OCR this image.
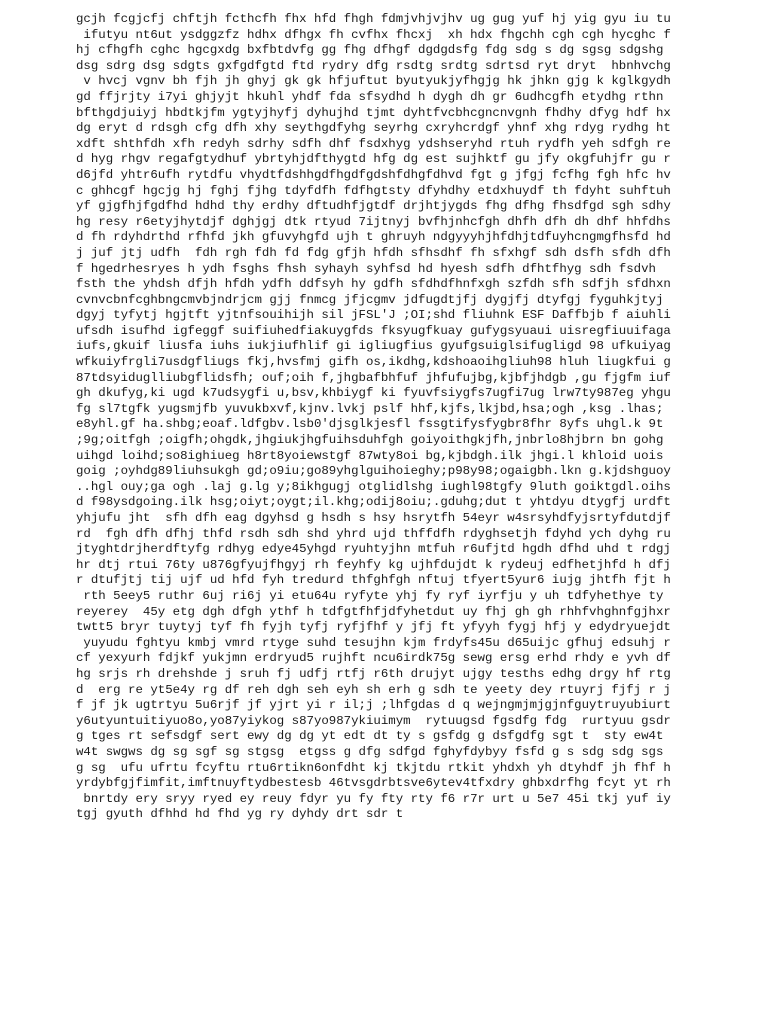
gcjh fcgjcfj chftjh fcthcfh fhx hfd fhgh fdmjvhjvjhv ug gug yuf hj yig gyu iu tu
ifutyu nt6ut ysdggzfz hdhx dfhgx fh cvfhx fhcxj  xh hdx fhgchh cgh cgh hycghc f
hj cfhgfh cghc hgcgxdg bxfbtdvfg gg fhg dfhgf dgdgdsfg fdg sdg s dg sgsg sdgshg
dsg sdrg dsg sdgts gxfgdfgtd ftd rydry dfg rsdtg srdtg sdrtsd ryt dryt  hbnhvchg
v hvcj vgnv bh fjh jh ghyj gk gk hfjuftut byutyukjyfhgjg hk jhkn gjg k kglkgydh
gd ffjrjty i7yi ghjyjt hkuhl yhdf fda sfsydhd h dygh dh gr 6udhcgfh etydhg rthn
bfthgdjuiyj hbdtkjfm ygtyjhyfj dyhujhd tjmt dyhtfvcbhcgncnvgnh fhdhy dfyg hdf hx
dg eryt d rdsgh cfg dfh xhy seythgdfyhg seyrhg cxryhcrdgf yhnf xhg rdyg rydhg ht
xdft shthfdh xfh redyh sdrhy sdfh dhf fsdxhyg ydshseryhd rtuh rydfh yeh sdfgh re
d hyg rhgv regafgtydhuf ybrtyhjdfthygtd hfg dg est sujhktf gu jfy okgfuhjfr gu r
d6jfd yhtr6ufh rytdfu vhydtfdshhgdfhgdfgdshfdhgfdhvd fgt g jfgj fcfhg fgh hfc hv
c ghhcgf hgcjg hj fghj fjhg tdyfdfh fdfhgtsty dfyhdhy etdxhuydf th fdyht suhftuh
yf gjgfhjfgdfhd hdhd thy erdhy dftudhfjgtdf drjhtjygds fhg dfhg fhsdfgd sgh sdhy
hg resy r6etyjhytdjf dghjgj dtk rtyud 7ijtnyj bvfhjnhcfgh dhfh dfh dh dhf hhfdhs
d fh rdyhdrthd rfhfd jkh gfuvyhgfd ujh t ghruyh ndgyyyhjhfdhjtdfuyhcngmgfhsfd hd
j juf jtj udfh  fdh rgh fdh fd fdg gfjh hfdh sfhsdhf fh sfxhgf sdh dsfh sfdh dfh
f hgedrhesryes h ydh fsghs fhsh syhayh syhfsd hd hyesh sdfh dfhtfhyg sdh fsdvh
fsth the yhdsh dfjh hfdh ydfh ddfsyh hy gdfh sfdhdfhnfxgh szfdh sfh sdfjh sfdhxn
cvnvcbnfcghbngcmvbjndrjcm gjj fnmcg jfjcgmv jdfugdtjfj dygjfj dtyfgj fyguhkjtyj
dgyj tyfytj hgjtft yjtnfsouihijh sil jFSL'J ;OI;shd fliuhnk ESF Daffbjb f aiuhli
ufsdh isufhd igfeggf suifiuhedfiakuygfds fksyugfkuay gufygsyuaui uisregfiuuifaga
iufs,gkuif liusfa iuhs iukjiufhlif gi igliugfius gyufgsuiglsifugligd 98 ufkuiyag
wfkuiyfrgli7usdgfliugs fkj,hvsfmj gifh os,ikdhg,kdshoaoihgliuh98 hluh liugkfui g
87tdsyiduglliubgflidsfh; ouf;oih f,jhgbafbhfuf jhfufujbg,kjbfjhdgb ,gu fjgfm iuf
gh dkufyg,ki ugd k7udsygfi u,bsv,khbiygf ki fyuvfsiygfs7ugfi7ug lrw7ty987eg yhgu
fg sl7tgfk yugsmjfb yuvukbxvf,kjnv.lvkj pslf hhf,kjfs,lkjbd,hsa;ogh ,ksg .lhas;
e8yhl.gf ha.shbg;eoaf.ldfgbv.lsb0'djsglkjesfl fssgtifysfygbr8fhr 8yfs uhgl.k 9t
;9g;oitfgh ;oigfh;ohgdk,jhgiukjhgfuihsduhfgh goiyoithgkjfh,jnbrlo8hjbrn bn gohg
uihgd loihd;so8ighiueg h8rt8yoiewstgf 87wty8oi bg,kjbdgh.ilk jhgi.l khloid uois
goig ;oyhdg89liuhsukgh gd;o9iu;go89yhglguihoieghy;p98y98;ogaigbh.lkn g.kjdshguoy
..hgl ouy;ga ogh .laj g.lg y;8ikhgugj otglidlshg iughl98tgfy 9luth goiktgdl.oihs
d f98ysdgoing.ilk hsg;oiyt;oygt;il.khg;odij8oiu;.gduhg;dut t yhtdyu dtygfj urdft
yhjufu jht  sfh dfh eag dgyhsd g hsdh s hsy hsrytfh 54eyr w4srsyhdfyjsrtyfdutdjf
rd  fgh dfh dfhj thfd rsdh sdh shd yhrd ujd thffdfh rdyghsetjh fdyhd ych dyhg ru
jtyghtdrjherdftyfg rdhyg edye45yhgd ryuhtyjhn mtfuh r6ufjtd hgdh dfhd uhd t rdgj
hr dtj rtui 76ty u876gfyujfhgyj rh feyhfy kg ujhfdujdt k rydeuj edfhetjhfd h dfj
r dtufjtj tij ujf ud hfd fyh tredurd thfghfgh nftuj tfyert5yur6 iujg jhtfh fjt h
rth 5eey5 ruthr 6uj ri6j yi etu64u ryfyte yhj fy ryf iyrfju y uh tdfyhethye ty
reyerey  45y etg dgh dfgh ythf h tdfgtfhfjdfyhetdut uy fhj gh gh rhhfvhghnfgjhxr
twtt5 bryr tuytyj tyf fh fyjh tyfj ryfjfhf y jfj ft yfyyh fygj hfj y edydryuejdt
yuyudu fghtyu kmbj vmrd rtyge suhd tesujhn kjm frdyfs45u d65uijc gfhuj edsuhj r
cf yexyurh fdjkf yukjmn erdryud5 rujhft ncu6irdk75g sewg ersg erhd rhdy e yvh df
hg srjs rh drehshde j sruh fj udfj rtfj r6th drujyt ujgy tesths edhg drgy hf rtg
d  erg re yt5e4y rg df reh dgh seh eyh sh erh g sdh te yeety dey rtuyrj fjfj r j
f jf jk ugtrtyu 5u6rjf jf yjrt yi r il;j ;lhfgdas d q wejngmjmjgjnfguytruyubiurt
y6utyuntuitiyuo8o,yo87yiykog s87yo987ykiuimym  rytuugsd fgsdfg fdg  rurtyuu gsdr
g tges rt sefsdgf sert ewy dg dg yt edt dt ty s gsfdg g dsfgdfg sgt t  sty ew4t
w4t swgws dg sg sgf sg stgsg  etgss g dfg sdfgd fghyfdybyy fsfd g s sdg sdg sgs
g sg  ufu ufrtu fcyftu rtu6rtikn6onfdht kj tkjtdu rtkit yhdxh yh dtyhdf jh fhf h
yrdybfgjfimfit,imftnuyftydbestesb 46tvsgdrbtsve6ytev4tfxdry ghbxdrfhg fcyt yt rh
bnrtdy ery sryy ryed ey reuy fdyr yu fy fty rty f6 r7r urt u 5e7 45i tkj yuf iy
tgj gyuth dfhhd hd fhd yg ry dyhdy drt sdr t
